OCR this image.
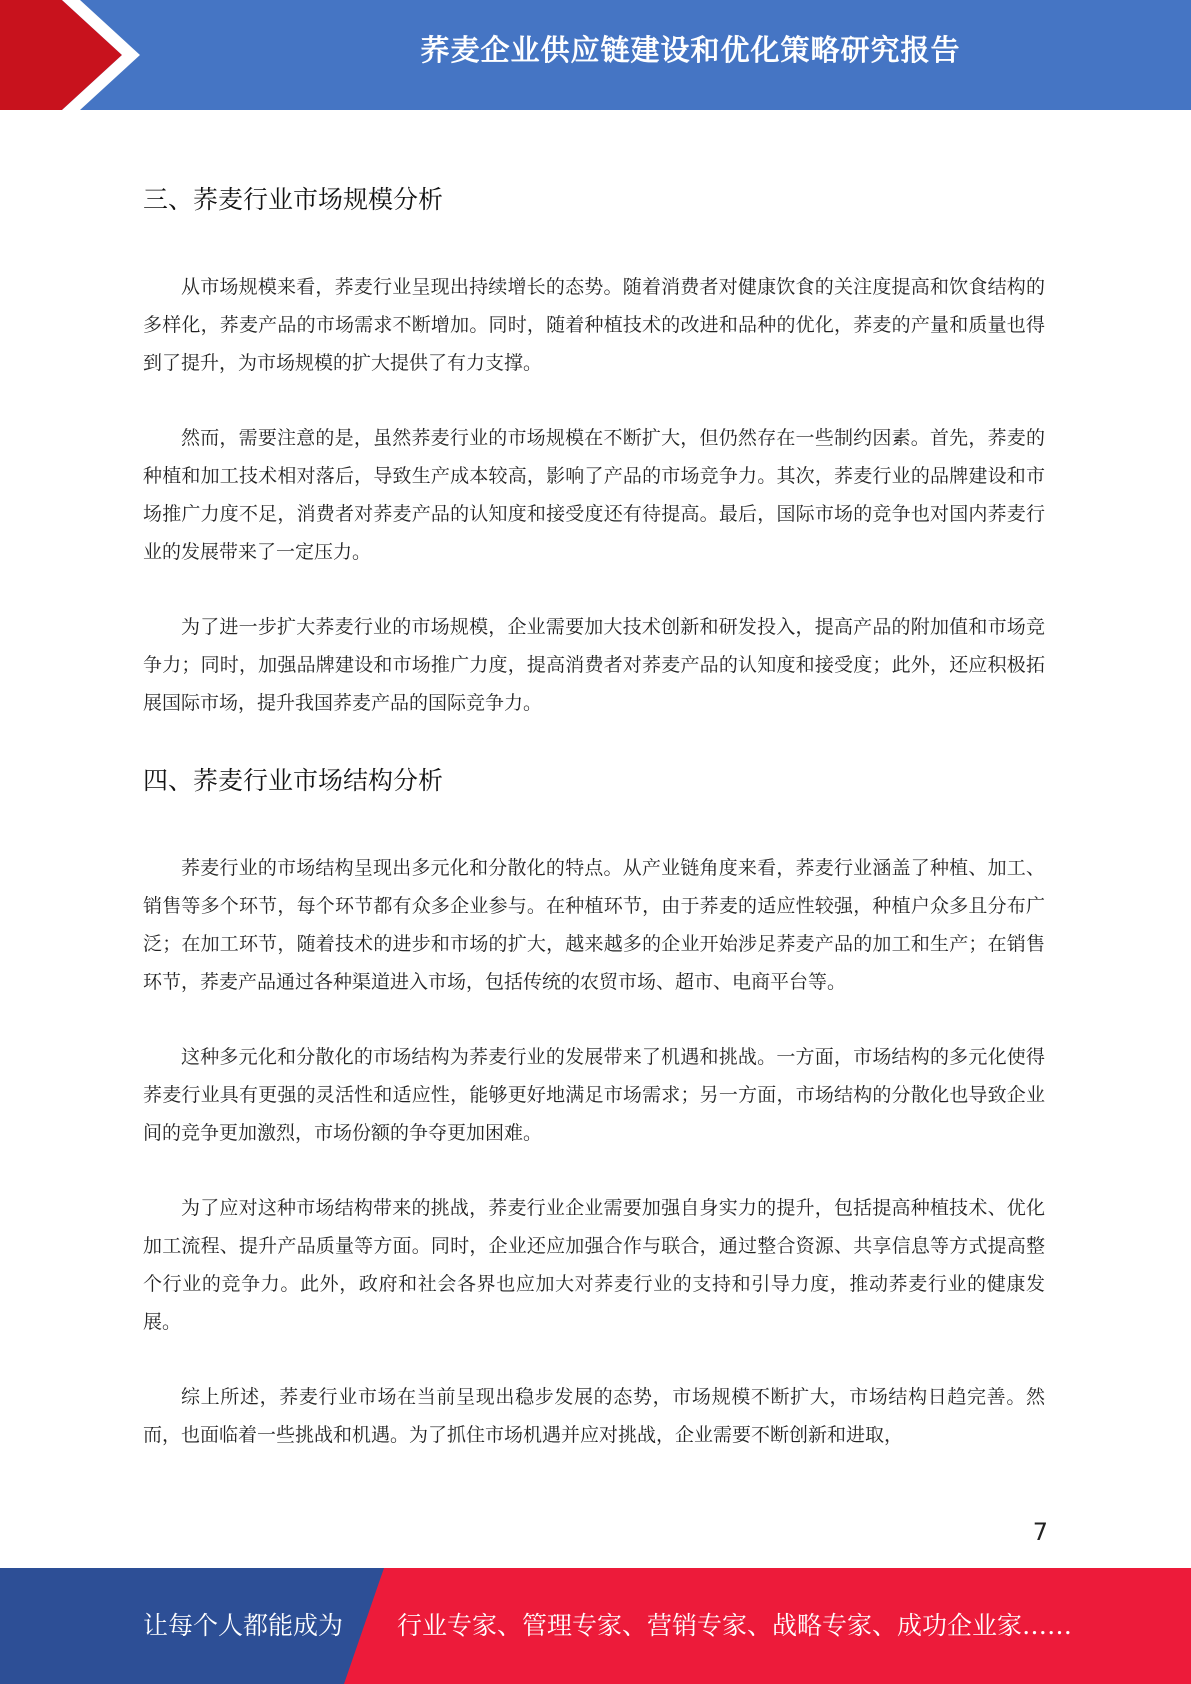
荞麦企业供应链建设和优化策略研究报告
三、荞麦行业市场规模分析

从市场规模来看，荞麦行业呈现出持续增长的态势。随着消费者对健康饮食的关注度提高和饮食结构的多样化，荞麦产品的市场需求不断增加。同时，随着种植技术的改进和品种的优化，荞麦的产量和质量也得到了提升，为市场规模的扩大提供了有力支撑。

然而，需要注意的是，虽然荞麦行业的市场规模在不断扩大，但仍然存在一些制约因素。首先，荞麦的种植和加工技术相对落后，导致生产成本较高，影响了产品的市场竞争力。其次，荞麦行业的品牌建设和市场推广力度不足，消费者对荞麦产品的认知度和接受度还有待提高。最后，国际市场的竞争也对国内荞麦行业的发展带来了一定压力。

为了进一步扩大荞麦行业的市场规模，企业需要加大技术创新和研发投入，提高产品的附加值和市场竞争力；同时，加强品牌建设和市场推广力度，提高消费者对荞麦产品的认知度和接受度；此外，还应积极拓展国际市场，提升我国荞麦产品的国际竞争力。

四、荞麦行业市场结构分析

荞麦行业的市场结构呈现出多元化和分散化的特点。从产业链角度来看，荞麦行业涵盖了种植、加工、销售等多个环节，每个环节都有众多企业参与。在种植环节，由于荞麦的适应性较强，种植户众多且分布广泛；在加工环节，随着技术的进步和市场的扩大，越来越多的企业开始涉足荞麦产品的加工和生产；在销售环节，荞麦产品通过各种渠道进入市场，包括传统的农贸市场、超市、电商平台等。

这种多元化和分散化的市场结构为荞麦行业的发展带来了机遇和挑战。一方面，市场结构的多元化使得荞麦行业具有更强的灵活性和适应性，能够更好地满足市场需求；另一方面，市场结构的分散化也导致企业间的竞争更加激烈，市场份额的争夺更加困难。

为了应对这种市场结构带来的挑战，荞麦行业企业需要加强自身实力的提升，包括提高种植技术、优化加工流程、提升产品质量等方面。同时，企业还应加强合作与联合，通过整合资源、共享信息等方式提高整个行业的竞争力。此外，政府和社会各界也应加大对荞麦行业的支持和引导力度，推动荞麦行业的健康发展。

综上所述，荞麦行业市场在当前呈现出稳步发展的态势，市场规模不断扩大，市场结构日趋完善。然而，也面临着一些挑战和机遇。为了抓住市场机遇并应对挑战，企业需要不断创新和进取，

7
让每个人都能成为 行业专家、管理专家、营销专家、战略专家、成功企业家……
